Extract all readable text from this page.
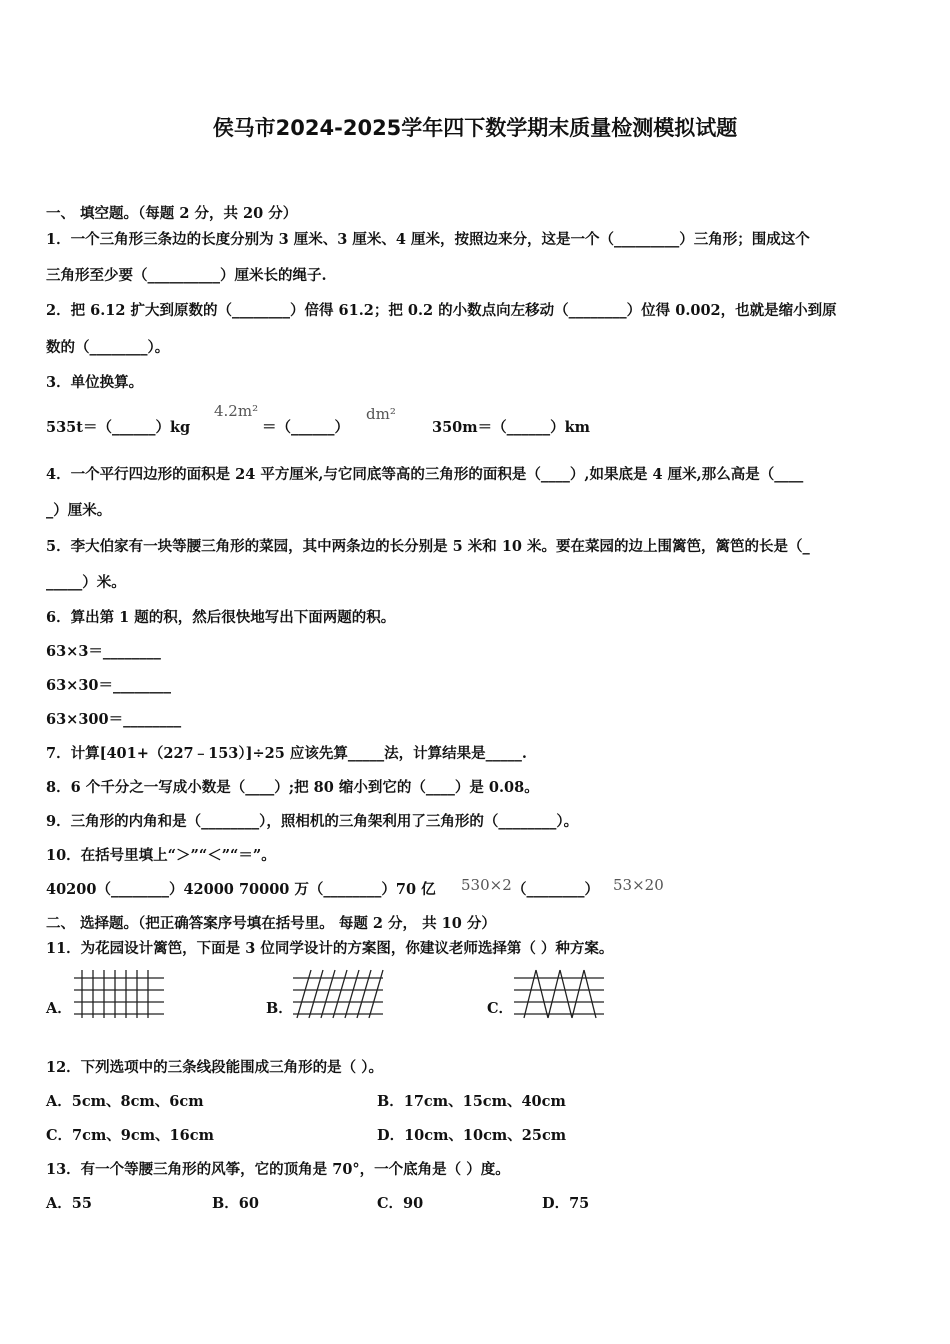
侯马市2024-2025学年四下数学期末质量检测模拟试题
一、 填空题。（每题 2 分，共 20 分）
1．一个三角形三条边的长度分别为 3 厘米、3 厘米、4 厘米，按照边来分，这是一个（_________）三角形；围成这个
三角形至少要（__________）厘米长的绳子.
2．把 6.12 扩大到原数的（________）倍得 61.2；把 0.2 的小数点向左移动（________）位得 0.002，也就是缩小到原
数的（________）。
3．单位换算。
535t＝（______）kg
4.2m²
＝（______）
dm²
350m＝（______）km
4．一个平行四边形的面积是 24 平方厘米,与它同底等高的三角形的面积是（____）,如果底是 4 厘米,那么高是（____
_）厘米。
5．李大伯家有一块等腰三角形的菜园，其中两条边的长分别是 5 米和 10 米。要在菜园的边上围篱笆，篱笆的长是（_
_____）米。
6．算出第 1 题的积，然后很快地写出下面两题的积。
63×3＝________
63×30＝________
63×300＝________
7．计算[401+（227﹣153）]÷25 应该先算_____法，计算结果是_____.
8．6 个千分之一写成小数是（____）;把 80 缩小到它的（____）是 0.08。
9．三角形的内角和是（________），照相机的三角架利用了三角形的（________）。
10．在括号里填上“＞”“＜”“＝”。
40200（________）42000 70000 万（________）70 亿 530×2 （________） 53×20
二、 选择题。（把正确答案序号填在括号里。 每题 2 分， 共 10 分）
11．为花园设计篱笆，下面是 3 位同学设计的方案图，你建议老师选择第（ ）种方案。
A．	B．	C．
12．下列选项中的三条线段能围成三角形的是（ ）。
A．5cm、8cm、6cm	B．17cm、15cm、40cm
C．7cm、9cm、16cm	D．10cm、10cm、25cm
13．有一个等腰三角形的风筝，它的顶角是 70°，一个底角是（ ）度。
A．55	B．60	C．90	D．75
